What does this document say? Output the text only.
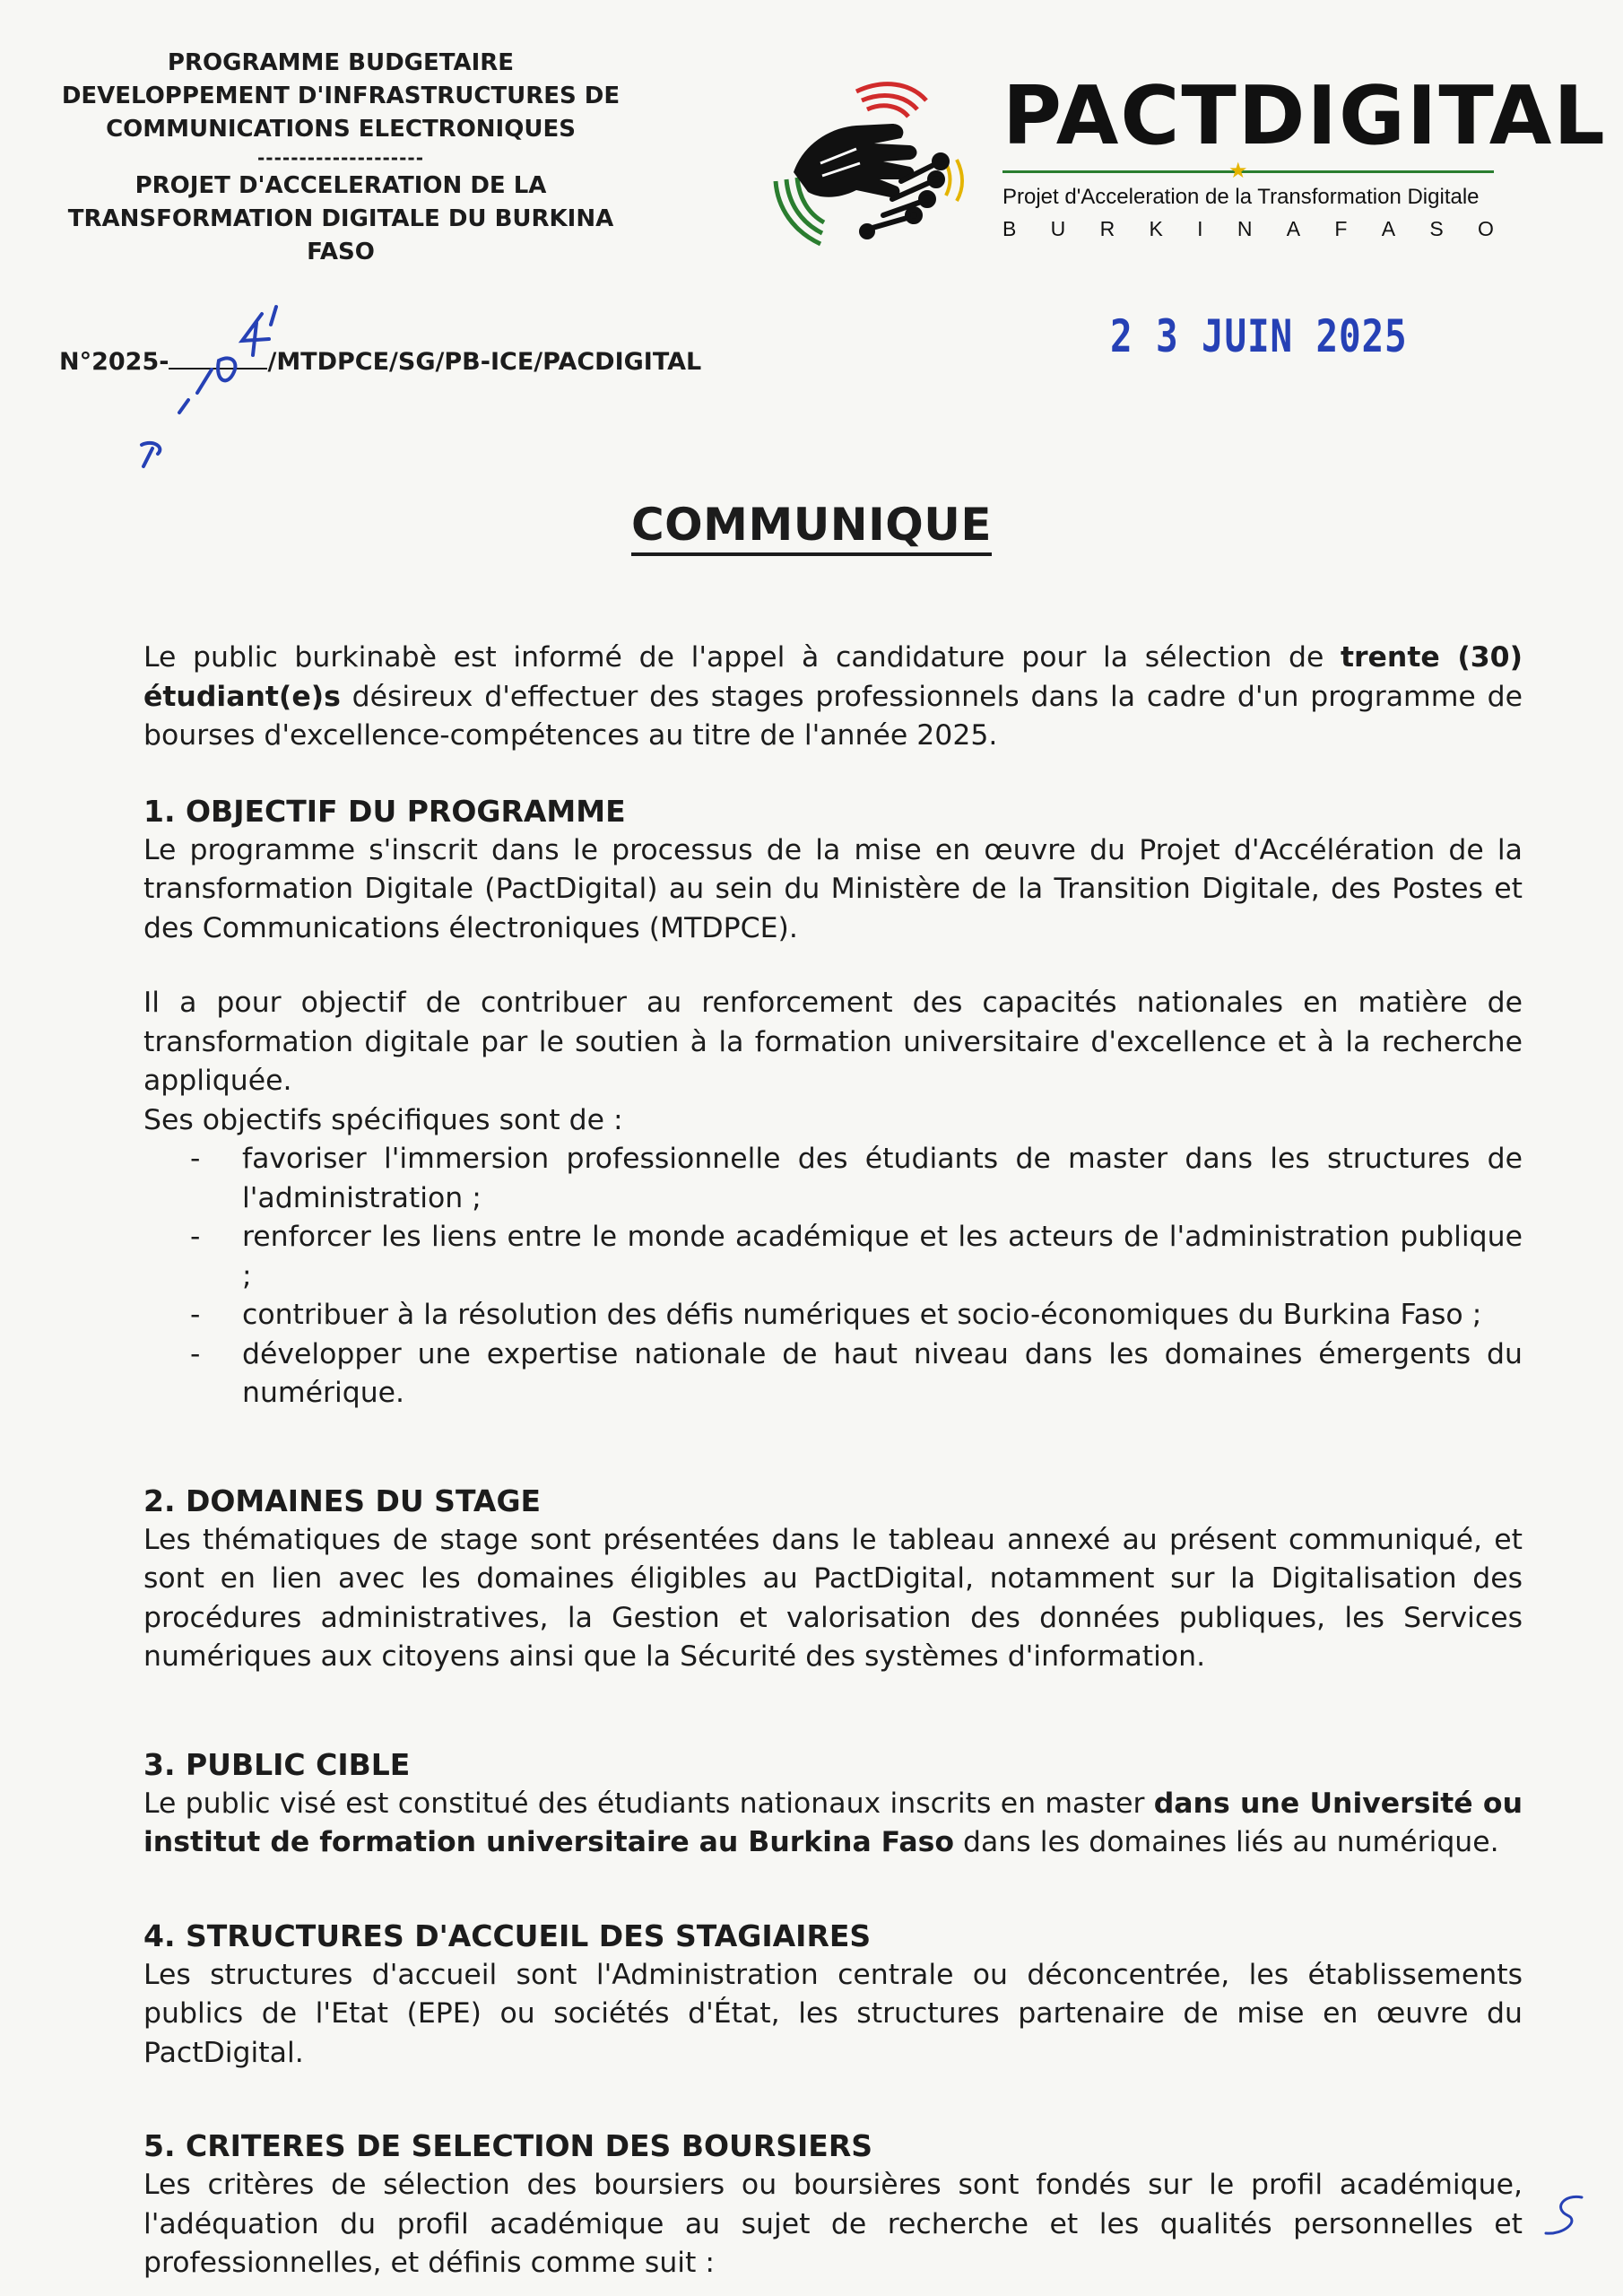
PROGRAMME BUDGETAIRE
DEVELOPPEMENT D'INFRASTRUCTURES DE
COMMUNICATIONS ELECTRONIQUES
--------------------
PROJET D'ACCELERATION DE LA
TRANSFORMATION DIGITALE DU BURKINA
FASO
N°2025-	/MTDPCE/SG/PB-ICE/PACDIGITAL
PACTDIGITAL
★
Projet d'Acceleration de la Transformation Digitale
B U R K I N A F A S O
2 3 JUIN 2025
COMMUNIQUE

Le public burkinabè est informé de l'appel à candidature pour la sélection de trente (30) étudiant(e)s désireux d'effectuer des stages professionnels dans la cadre d'un programme de bourses d'excellence-compétences au titre de l'année 2025.

1. OBJECTIF DU PROGRAMME

Le programme s'inscrit dans le processus de la mise en œuvre du Projet d'Accélération de la transformation Digitale (PactDigital) au sein du Ministère de la Transition Digitale, des Postes et des Communications électroniques (MTDPCE).

Il a pour objectif de contribuer au renforcement des capacités nationales en matière de transformation digitale par le soutien à la formation universitaire d'excellence et à la recherche appliquée.

Ses objectifs spécifiques sont de :

- favoriser l'immersion professionnelle des étudiants de master dans les structures de l'administration ;
- renforcer les liens entre le monde académique et les acteurs de l'administration publique ;
- contribuer à la résolution des défis numériques et socio-économiques du Burkina Faso ;
- développer une expertise nationale de haut niveau dans les domaines émergents du numérique.
2. DOMAINES DU STAGE

Les thématiques de stage sont présentées dans le tableau annexé au présent communiqué, et sont en lien avec les domaines éligibles au PactDigital, notamment sur la Digitalisation des procédures administratives, la Gestion et valorisation des données publiques, les Services numériques aux citoyens ainsi que la Sécurité des systèmes d'information.

3. PUBLIC CIBLE

Le public visé est constitué des étudiants nationaux inscrits en master dans une Université ou institut de formation universitaire au Burkina Faso dans les domaines liés au numérique.

4. STRUCTURES D'ACCUEIL DES STAGIAIRES

Les structures d'accueil sont l'Administration centrale ou déconcentrée, les établissements publics de l'Etat (EPE) ou sociétés d'État, les structures partenaire de mise en œuvre du PactDigital.

5. CRITERES DE SELECTION DES BOURSIERS

Les critères de sélection des boursiers ou boursières sont fondés sur le profil académique, l'adéquation du profil académique au sujet de recherche et les qualités personnelles et professionnelles, et définis comme suit :
